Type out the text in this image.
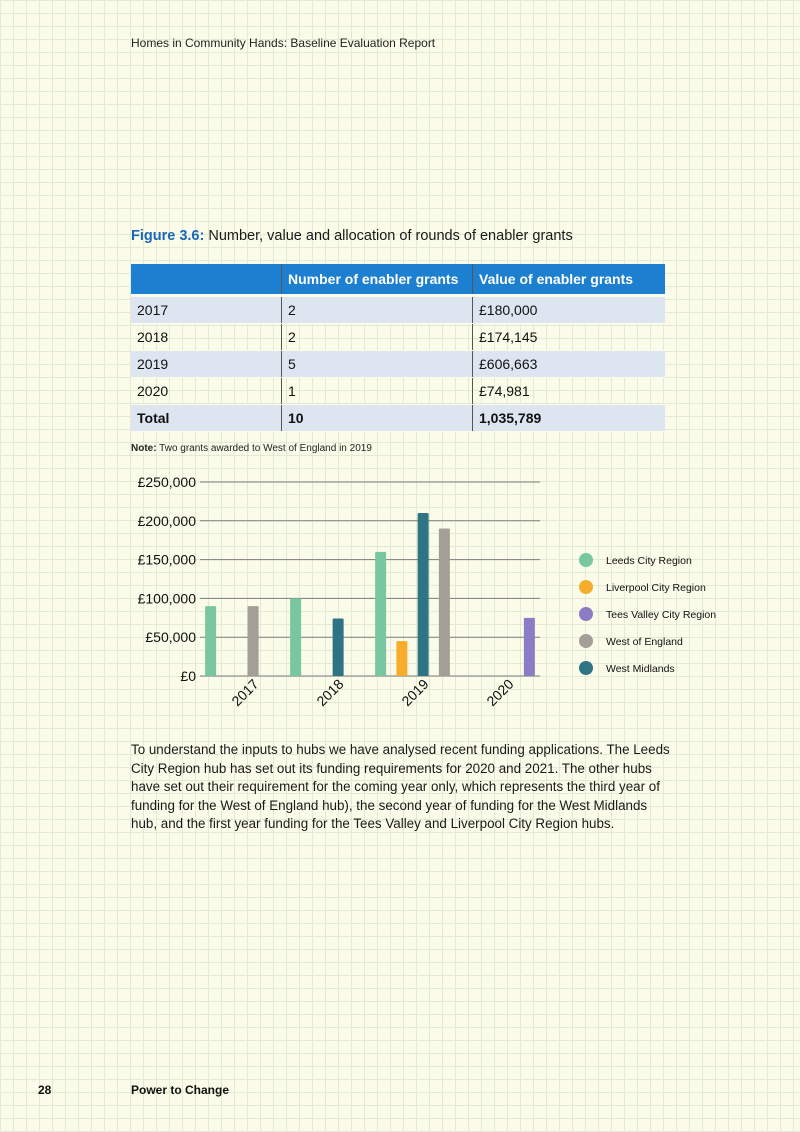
Homes in Community Hands: Baseline Evaluation Report
Figure 3.6: Number, value and allocation of rounds of enabler grants
	Number of enabler grants	Value of enabler grants
2017	2	£180,000
2018	2	£174,145
2019	5	£606,663
2020	1	£74,981
Total	10	1,035,789
Note: Two grants awarded to West of England in 2019
£0
£50,000
£100,000
£150,000
£200,000
£250,000
2017	2018	2019	2020
Leeds City Region
Liverpool City Region
Tees Valley City Region
West of England
West Midlands

To understand the inputs to hubs we have analysed recent funding applications. The Leeds City Region hub has set out its funding requirements for 2020 and 2021. The other hubs have set out their requirement for the coming year only, which represents the third year of funding for the West of England hub), the second year of funding for the West Midlands hub, and the first year funding for the Tees Valley and Liverpool City Region hubs.

28	Power to Change
